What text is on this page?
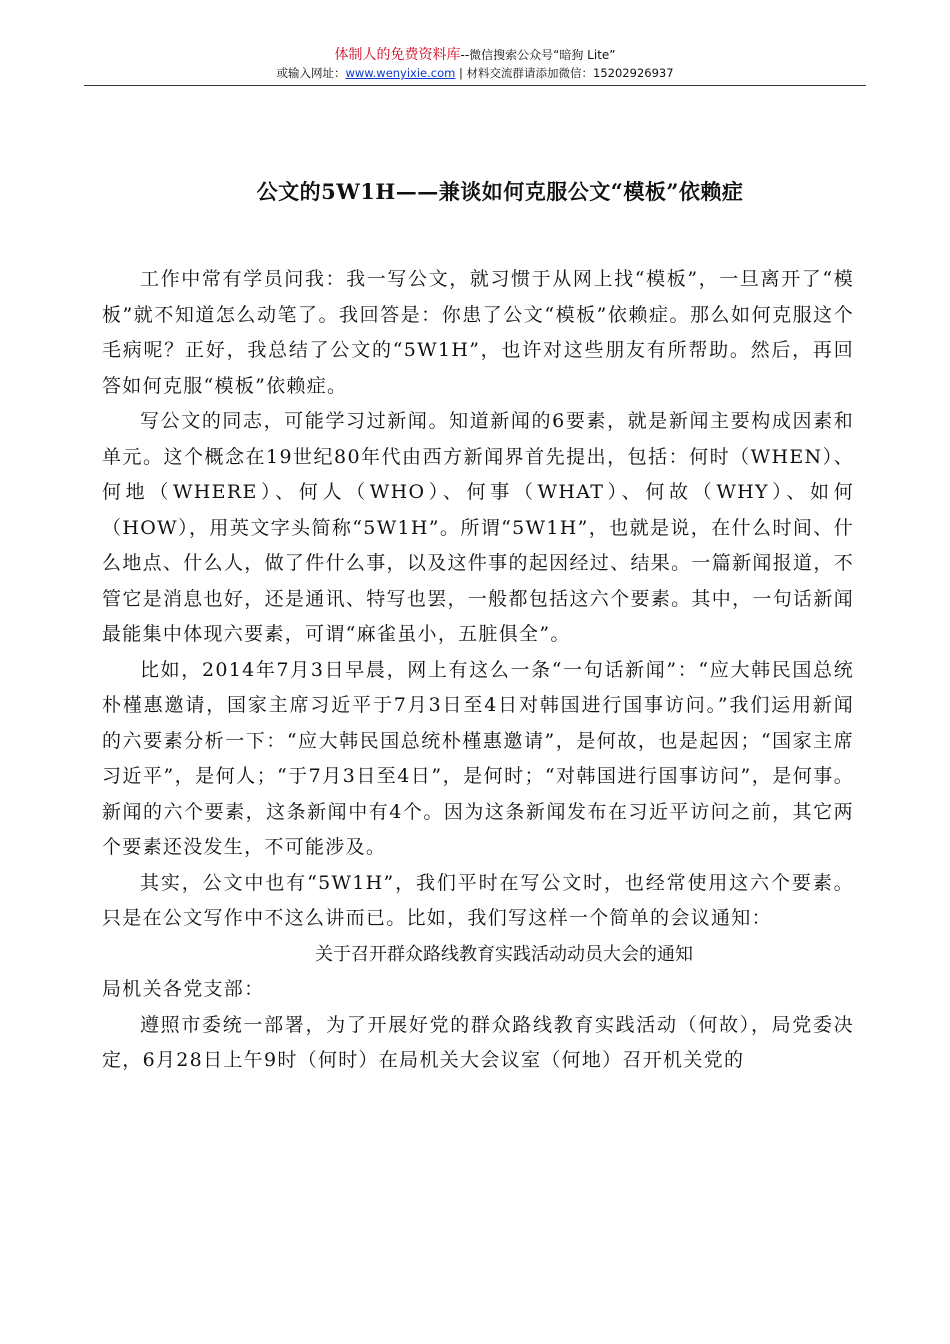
体制人的免费资料库--微信搜索公众号“暗狗 Lite”
或输入网址：www.wenyixie.com | 材料交流群请添加微信：15202926937
公文的5W1H——兼谈如何克服公文“模板”依赖症

工作中常有学员问我：我一写公文，就习惯于从网上找“模板”，一旦离开了“模板”就不知道怎么动笔了。我回答是：你患了公文“模板”依赖症。那么如何克服这个毛病呢？正好，我总结了公文的“5W1H”，也许对这些朋友有所帮助。然后，再回答如何克服“模板”依赖症。

写公文的同志，可能学习过新闻。知道新闻的6要素，就是新闻主要构成因素和单元。这个概念在19世纪80年代由西方新闻界首先提出，包括：何时（WHEN）、何地（WHERE）、何人（WHO）、何事（WHAT）、何故（WHY）、如何（HOW），用英文字头简称“5W1H”。所谓“5W1H”，也就是说，在什么时间、什么地点、什么人，做了件什么事，以及这件事的起因经过、结果。一篇新闻报道，不管它是消息也好，还是通讯、特写也罢，一般都包括这六个要素。其中，一句话新闻最能集中体现六要素，可谓“麻雀虽小，五脏俱全”。

比如，2014年7月3日早晨，网上有这么一条“一句话新闻”：“应大韩民国总统朴槿惠邀请，国家主席习近平于7月3日至4日对韩国进行国事访问。”我们运用新闻的六要素分析一下：“应大韩民国总统朴槿惠邀请”，是何故，也是起因；“国家主席习近平”，是何人；“于7月3日至4日”，是何时；“对韩国进行国事访问”，是何事。新闻的六个要素，这条新闻中有4个。因为这条新闻发布在习近平访问之前，其它两个要素还没发生，不可能涉及。

其实，公文中也有“5W1H”，我们平时在写公文时，也经常使用这六个要素。只是在公文写作中不这么讲而已。比如，我们写这样一个简单的会议通知：

关于召开群众路线教育实践活动动员大会的通知

局机关各党支部：

遵照市委统一部署，为了开展好党的群众路线教育实践活动（何故），局党委决定，6月28日上午9时（何时）在局机关大会议室（何地）召开机关党的
